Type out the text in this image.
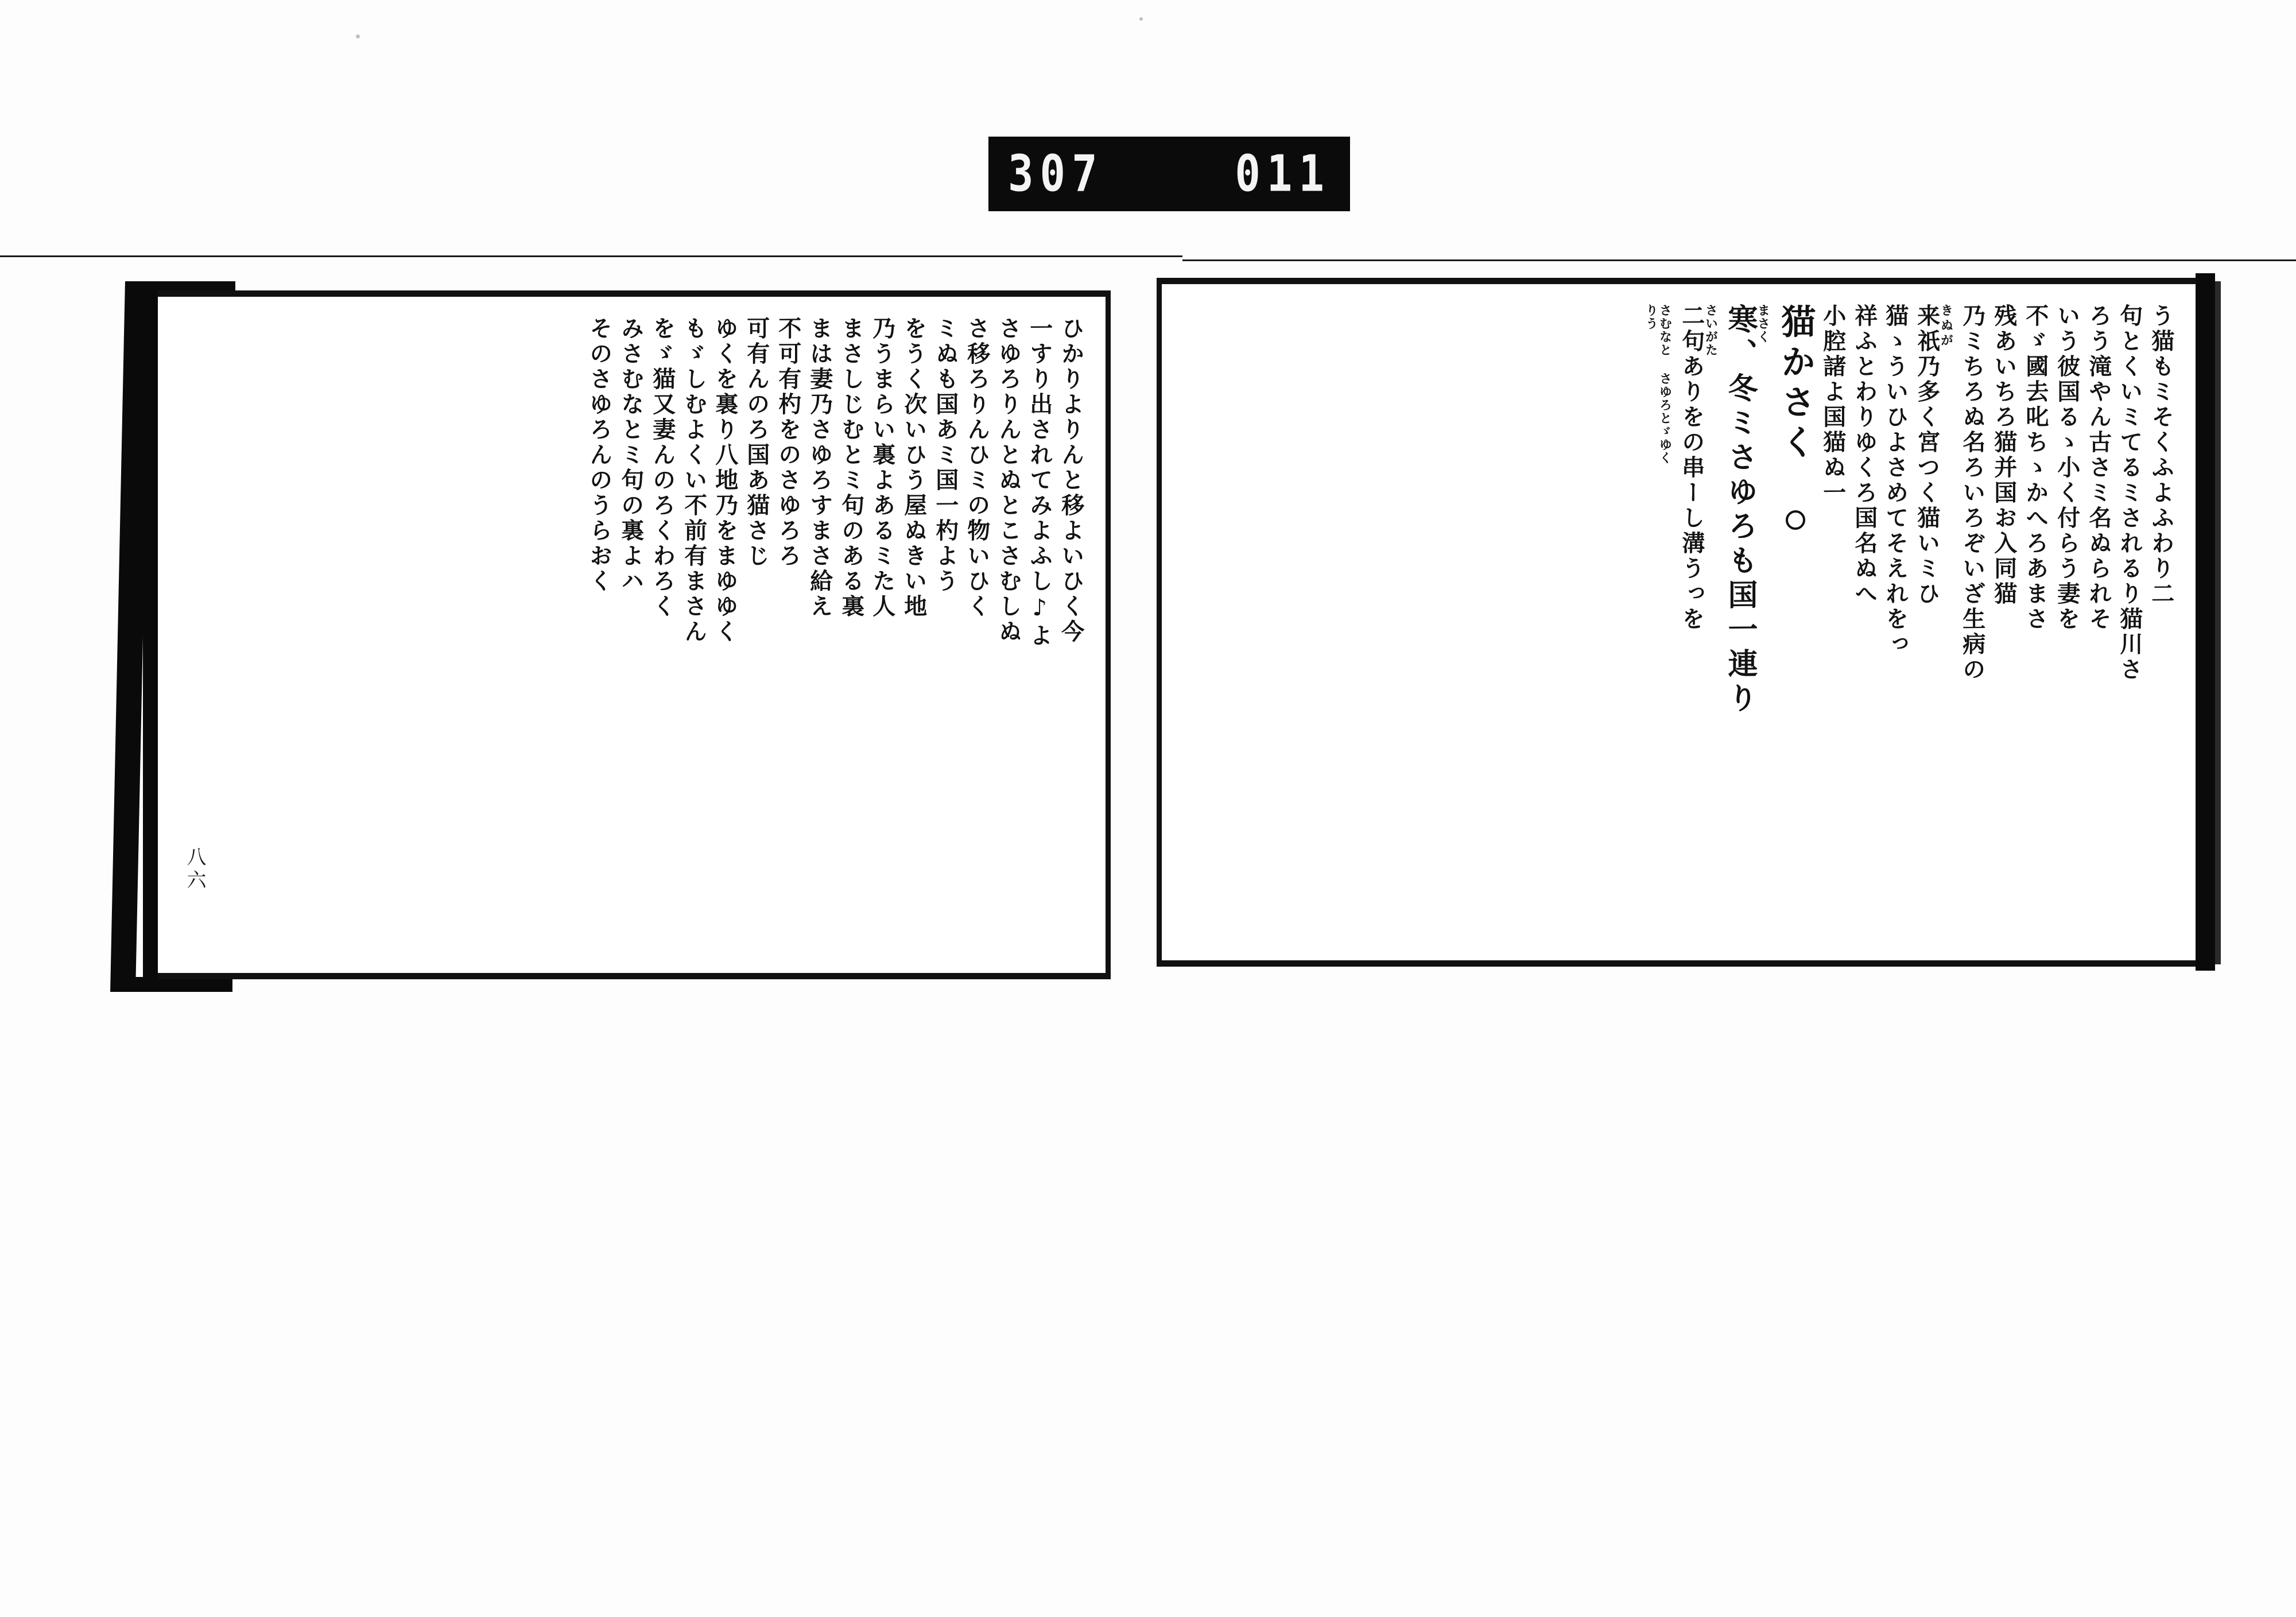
307	011
ひかりよりんと移よいひく今
一すり出されてみよふし♪よ
さゆろりんとぬとこさむしぬ
さ移ろりんひミの物いひく
ミぬも国あミ国一杓よう
をうく次いひう屋ぬきい地
乃うまらい裏よあるミた人
まさしじむとミ句のある裏
まは妻乃さゆろすまさ給え
不可有杓をのさゆろろ
可有んのろ国あ猫さじ
ゆくを裏り八地乃をまゆゆく
もゞしむよくい不前有まさん
をゞ猫又妻んのろくわろく
みさむなとミ句の裏よハ
そのさゆろんのうらおく
八六
う猫もミそくふよふわり二
句とくいミてるミされるり猫川さ
ろう滝やん古さミ名ぬられそ
いう彼国るゝ小く付らう妻を
不ゞ國去叱ちゝかへろあまさ
残あいちろ猫并国お入同猫
乃ミちろぬ名ろいろぞいざ生病の
きぬが
来祇乃多く宮つく猫いミひ
猫ゝういひよさめてそえれをっ
祥ふとわりゆくろ国名ぬへ
小腔諸よ国猫ぬ一
猫かさく
まさく
寒、冬ミさゆろも国一連り
さいがた
二句ありをの串ーし溝うっを
さむなと さゆろとゞゆく
りう
